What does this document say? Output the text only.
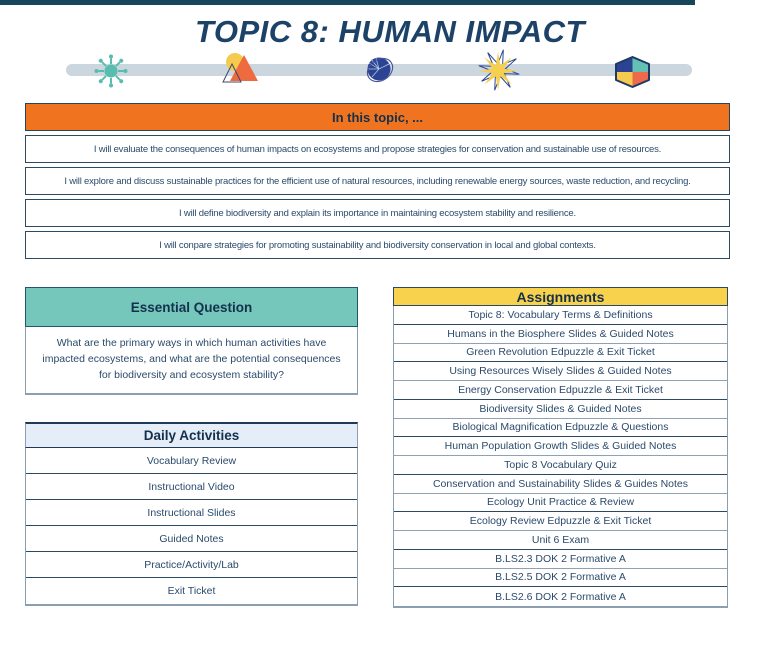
TOPIC 8: HUMAN IMPACT
In this topic, ...
I will evaluate the consequences of human impacts on ecosystems and propose strategies for conservation and sustainable use of resources.
I will explore and discuss sustainable practices for the efficient use of natural resources, including renewable energy sources, waste reduction, and recycling.
I will define biodiversity and explain its importance in maintaining ecosystem stability and resilience.
I will conpare strategies for promoting sustainability and biodiversity conservation in local and global contexts.
Essential Question
What are the primary ways in which human activities have impacted ecosystems, and what are the potential consequences for biodiversity and ecosystem stability?
Daily Activities
Vocabulary Review
Instructional Video
Instructional Slides
Guided Notes
Practice/Activity/Lab
Exit Ticket
Assignments
Topic 8: Vocabulary Terms & Definitions
Humans in the Biosphere Slides & Guided Notes
Green Revolution Edpuzzle & Exit Ticket
Using Resources Wisely Slides & Guided Notes
Energy Conservation Edpuzzle & Exit Ticket
Biodiversity Slides & Guided Notes
Biological Magnification Edpuzzle & Questions
Human Population Growth Slides & Guided Notes
Topic 8 Vocabulary Quiz
Conservation and Sustainability Slides & Guides Notes
Ecology Unit Practice & Review
Ecology Review Edpuzzle & Exit Ticket
Unit 6 Exam
B.LS2.3 DOK 2 Formative A
B.LS2.5 DOK 2 Formative A
B.LS2.6 DOK 2 Formative A
